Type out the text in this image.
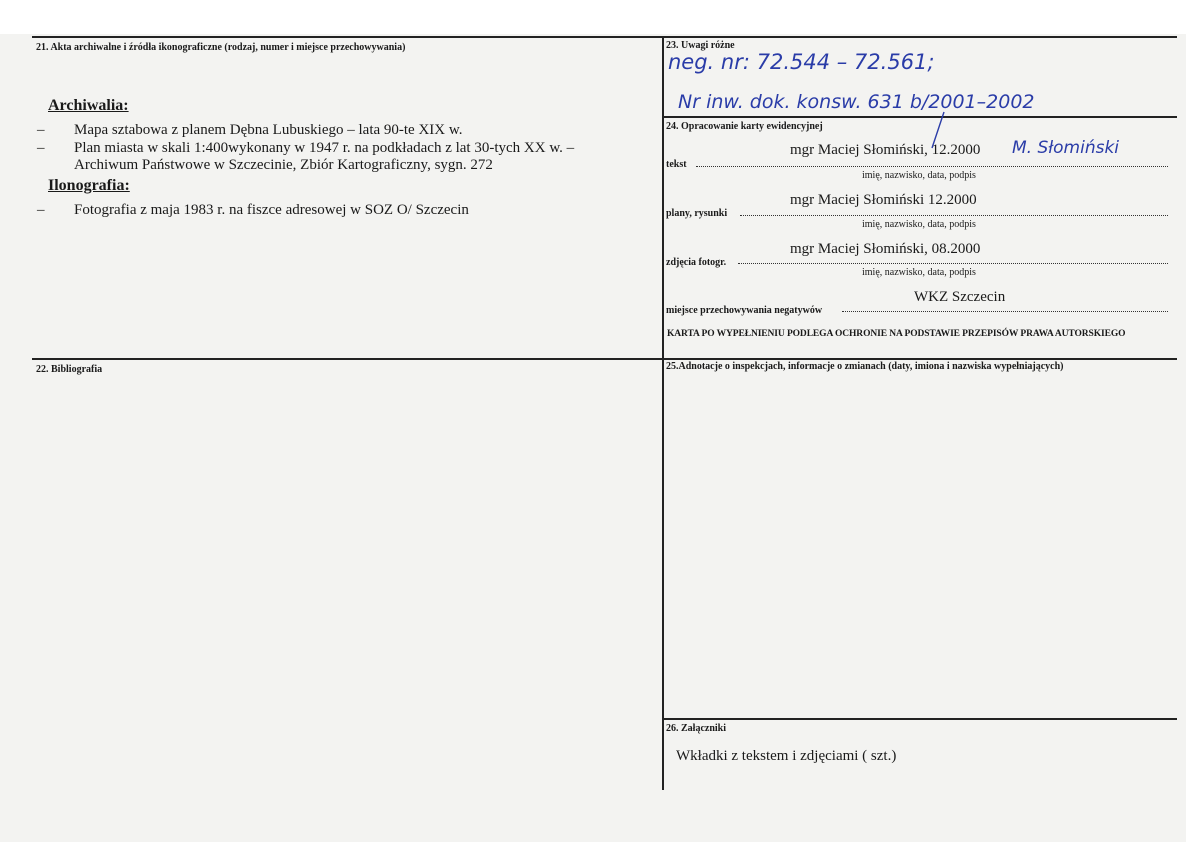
21. Akta archiwalne i źródła ikonograficzne (rodzaj, numer i miejsce przechowywania)
Archiwalia:
– Mapa sztabowa z planem Dębna Lubuskiego – lata 90-te XIX w.
– Plan miasta w skali 1:400wykonany w 1947 r. na podkładach z lat 30-tych XX w. –
Archiwum Państwowe w Szczecinie, Zbiór Kartograficzny, sygn. 272
Ilonografia:
– Fotografia z maja 1983 r. na fiszce adresowej w SOZ O/ Szczecin
22. Bibliografia
23. Uwagi różne
neg. nr: 72.544 – 72.561;
Nr inw. dok. konsw. 631 b/2001–2002
24. Opracowanie karty ewidencyjnej
mgr Maciej Słomiński, 12.2000 M. Słomiński
tekst
imię, nazwisko, data, podpis
mgr Maciej Słomiński 12.2000
plany, rysunki
imię, nazwisko, data, podpis
mgr Maciej Słomiński, 08.2000
zdjęcia fotogr.
imię, nazwisko, data, podpis
WKZ Szczecin
miejsce przechowywania negatywów
KARTA PO WYPEŁNIENIU PODLEGA OCHRONIE NA PODSTAWIE PRZEPISÓW PRAWA AUTORSKIEGO
25.Adnotacje o inspekcjach, informacje o zmianach (daty, imiona i nazwiska wypełniających)
26. Załączniki
Wkładki z tekstem i zdjęciami ( szt.)
